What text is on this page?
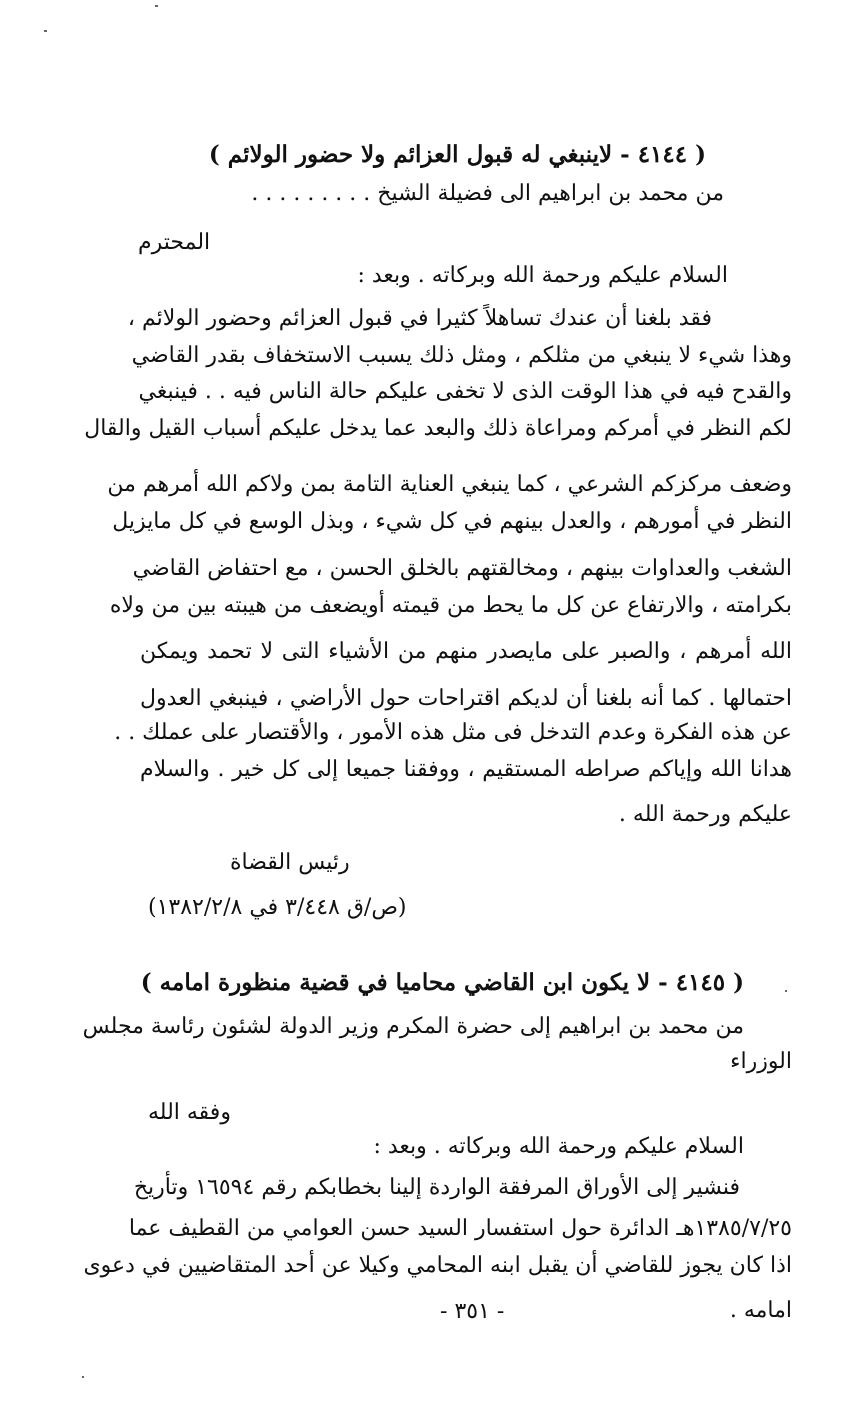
( ٤١٤٤ - لاينبغي له قبول العزائم ولا حضور الولائم )
من محمد بن ابراهيم الى فضيلة الشيخ . . . . . . . . .
المحترم
السلام عليكم ورحمة الله وبركاته . وبعد :
فقد بلغنا أن عندك تساهلاً كثيرا في قبول العزائم وحضور الولائم ،
وهذا شيء لا ينبغي من مثلكم ، ومثل ذلك يسبب الاستخفاف بقدر القاضي
والقدح فيه في هذا الوقت الذى لا تخفى عليكم حالة الناس فيه . . فينبغي
لكم النظر في أمركم ومراعاة ذلك والبعد عما يدخل عليكم أسباب القيل والقال
وضعف مركزكم الشرعي ، كما ينبغي العناية التامة بمن ولاكم الله أمرهم من
النظر في أمورهم ، والعدل بينهم في كل شيء ، وبذل الوسع في كل مايزيل
الشغب والعداوات بينهم ، ومخالقتهم بالخلق الحسن ، مع احتفاض القاضي
بكرامته ، والارتفاع عن كل ما يحط من قيمته أويضعف من هيبته بين من ولاه
الله أمرهم ، والصبر على مايصدر منهم من الأشياء التى لا تحمد ويمكن
احتمالها . كما أنه بلغنا أن لديكم اقتراحات حول الأراضي ، فينبغي العدول
عن هذه الفكرة وعدم التدخل فى مثل هذه الأمور ، والأقتصار على عملك . .
هدانا الله وإياكم صراطه المستقيم ، ووفقنا جميعا إلى كل خير . والسلام
عليكم ورحمة الله .
رئيس القضاة
(ص/ق ٣/٤٤٨ في ١٣٨٢/٢/٨)
( ٤١٤٥ - لا يكون ابن القاضي محاميا في قضية منظورة امامه )
من محمد بن ابراهيم إلى حضرة المكرم وزير الدولة لشئون رئاسة مجلس
الوزراء
وفقه الله
السلام عليكم ورحمة الله وبركاته . وبعد :
فنشير إلى الأوراق المرفقة الواردة إلينا بخطابكم رقم ١٦٥٩٤ وتأريخ
١٣٨٥/٧/٢٥هـ الدائرة حول استفسار السيد حسن العوامي من القطيف عما
اذا كان يجوز للقاضي أن يقبل ابنه المحامي وكيلا عن أحد المتقاضيين في دعوى
امامه .
- ٣٥١ -
